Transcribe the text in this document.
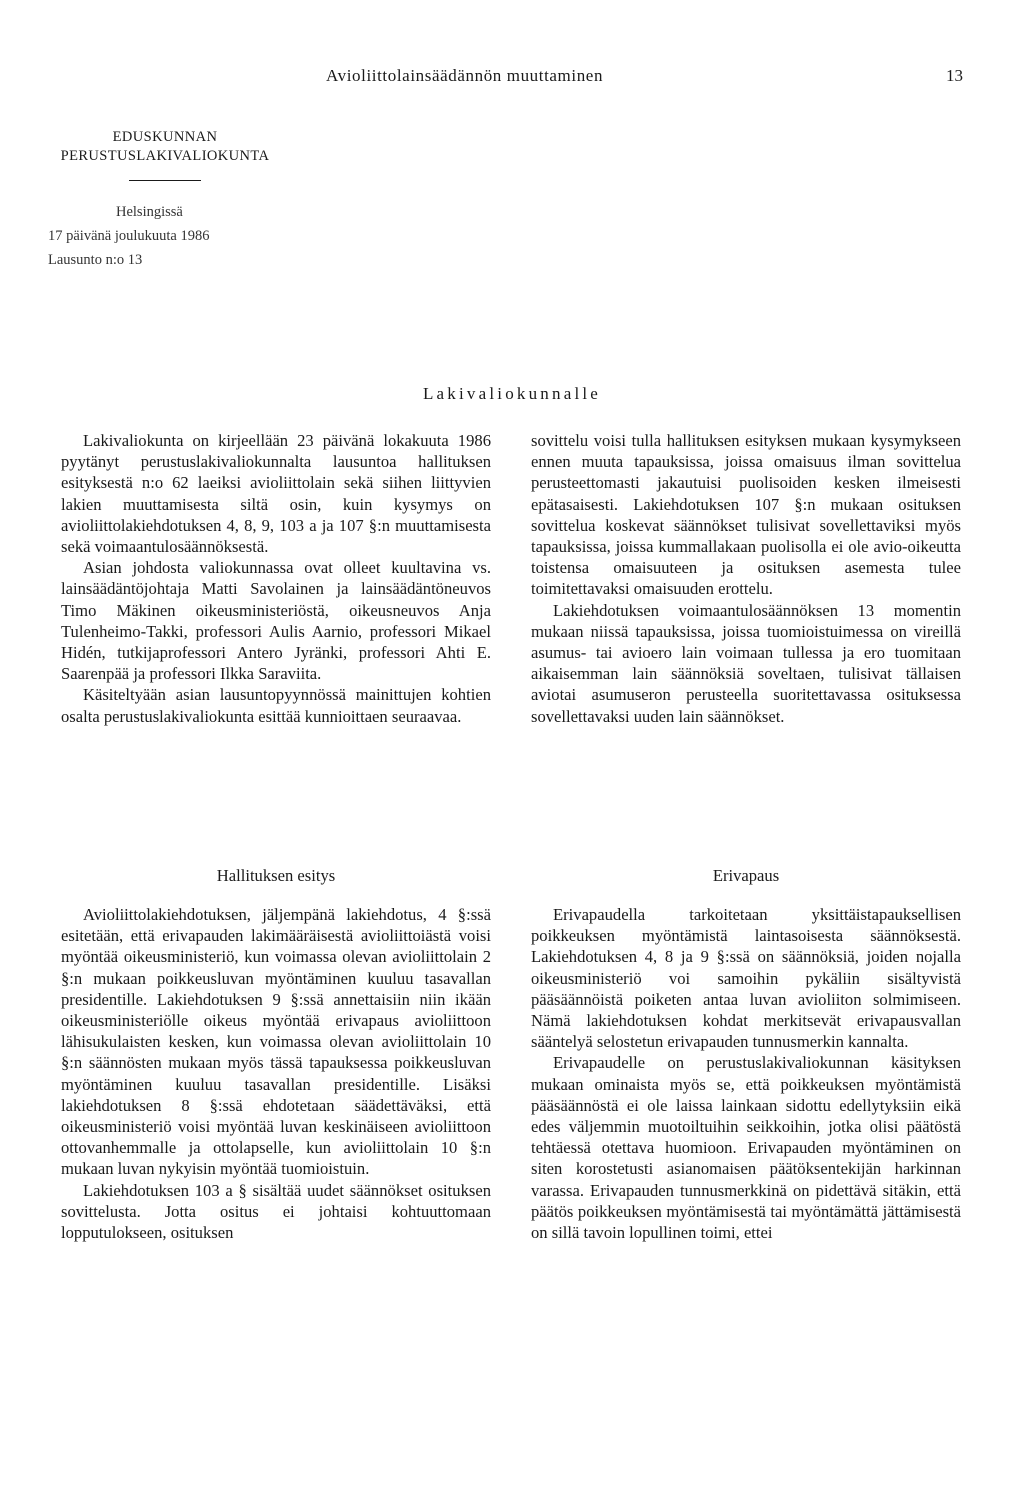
Avioliittolainsäädännön muuttaminen	13
EDUSKUNNAN
PERUSTUSLAKIVALIOKUNTA
Helsingissä
17 päivänä joulukuuta 1986
Lausunto n:o 13
Lakivaliokunnalle

Lakivaliokunta on kirjeellään 23 päivänä lokakuuta 1986 pyytänyt perustuslakivaliokunnalta lausuntoa hallituksen esityksestä n:o 62 laeiksi avioliittolain sekä siihen liittyvien lakien muuttamisesta siltä osin, kuin kysymys on avioliittolakiehdotuksen 4, 8, 9, 103 a ja 107 §:n muuttamisesta sekä voimaantulosäännöksestä.

Asian johdosta valiokunnassa ovat olleet kuultavina vs. lainsäädäntöjohtaja Matti Savolainen ja lainsäädäntöneuvos Timo Mäkinen oikeusministeriöstä, oikeusneuvos Anja Tulenheimo-Takki, professori Aulis Aarnio, professori Mikael Hidén, tutkijaprofessori Antero Jyränki, professori Ahti E. Saarenpää ja professori Ilkka Saraviita.

Käsiteltyään asian lausuntopyynnössä mainittujen kohtien osalta perustuslakivaliokunta esittää kunnioittaen seuraavaa.

sovittelu voisi tulla hallituksen esityksen mukaan kysymykseen ennen muuta tapauksissa, joissa omaisuus ilman sovittelua perusteettomasti jakautuisi puolisoiden kesken ilmeisesti epätasaisesti. Lakiehdotuksen 107 §:n mukaan osituksen sovittelua koskevat säännökset tulisivat sovellettaviksi myös tapauksissa, joissa kummallakaan puolisolla ei ole avio-oikeutta toistensa omaisuuteen ja osituksen asemesta tulee toimitettavaksi omaisuuden erottelu.

Lakiehdotuksen voimaantulosäännöksen 13 momentin mukaan niissä tapauksissa, joissa tuomioistuimessa on vireillä asumus- tai avioero lain voimaan tullessa ja ero tuomitaan aikaisemman lain säännöksiä soveltaen, tulisivat tällaisen aviotai asumuseron perusteella suoritettavassa osituksessa sovellettavaksi uuden lain säännökset.

Hallituksen esitys	Erivapaus

Avioliittolakiehdotuksen, jäljempänä lakiehdotus, 4 §:ssä esitetään, että erivapauden lakimääräisestä avioliittoiästä voisi myöntää oikeusministeriö, kun voimassa olevan avioliittolain 2 §:n mukaan poikkeusluvan myöntäminen kuuluu tasavallan presidentille. Lakiehdotuksen 9 §:ssä annettaisiin niin ikään oikeusministeriölle oikeus myöntää erivapaus avioliittoon lähisukulaisten kesken, kun voimassa olevan avioliittolain 10 §:n säännösten mukaan myös tässä tapauksessa poikkeusluvan myöntäminen kuuluu tasavallan presidentille. Lisäksi lakiehdotuksen 8 §:ssä ehdotetaan säädettäväksi, että oikeusministeriö voisi myöntää luvan keskinäiseen avioliittoon ottovanhemmalle ja ottolapselle, kun avioliittolain 10 §:n mukaan luvan nykyisin myöntää tuomioistuin.

Lakiehdotuksen 103 a § sisältää uudet säännökset osituksen sovittelusta. Jotta ositus ei johtaisi kohtuuttomaan lopputulokseen, osituksen

Erivapaudella tarkoitetaan yksittäistapauksellisen poikkeuksen myöntämistä laintasoisesta säännöksestä. Lakiehdotuksen 4, 8 ja 9 §:ssä on säännöksiä, joiden nojalla oikeusministeriö voi samoihin pykäliin sisältyvistä pääsäännöistä poiketen antaa luvan avioliiton solmimiseen. Nämä lakiehdotuksen kohdat merkitsevät erivapausvallan sääntelyä selostetun erivapauden tunnusmerkin kannalta.

Erivapaudelle on perustuslakivaliokunnan käsityksen mukaan ominaista myös se, että poikkeuksen myöntämistä pääsäännöstä ei ole laissa lainkaan sidottu edellytyksiin eikä edes väljemmin muotoiltuihin seikkoihin, jotka olisi päätöstä tehtäessä otettava huomioon. Erivapauden myöntäminen on siten korostetusti asianomaisen päätöksentekijän harkinnan varassa. Erivapauden tunnusmerkkinä on pidettävä sitäkin, että päätös poikkeuksen myöntämisestä tai myöntämättä jättämisestä on sillä tavoin lopullinen toimi, ettei
